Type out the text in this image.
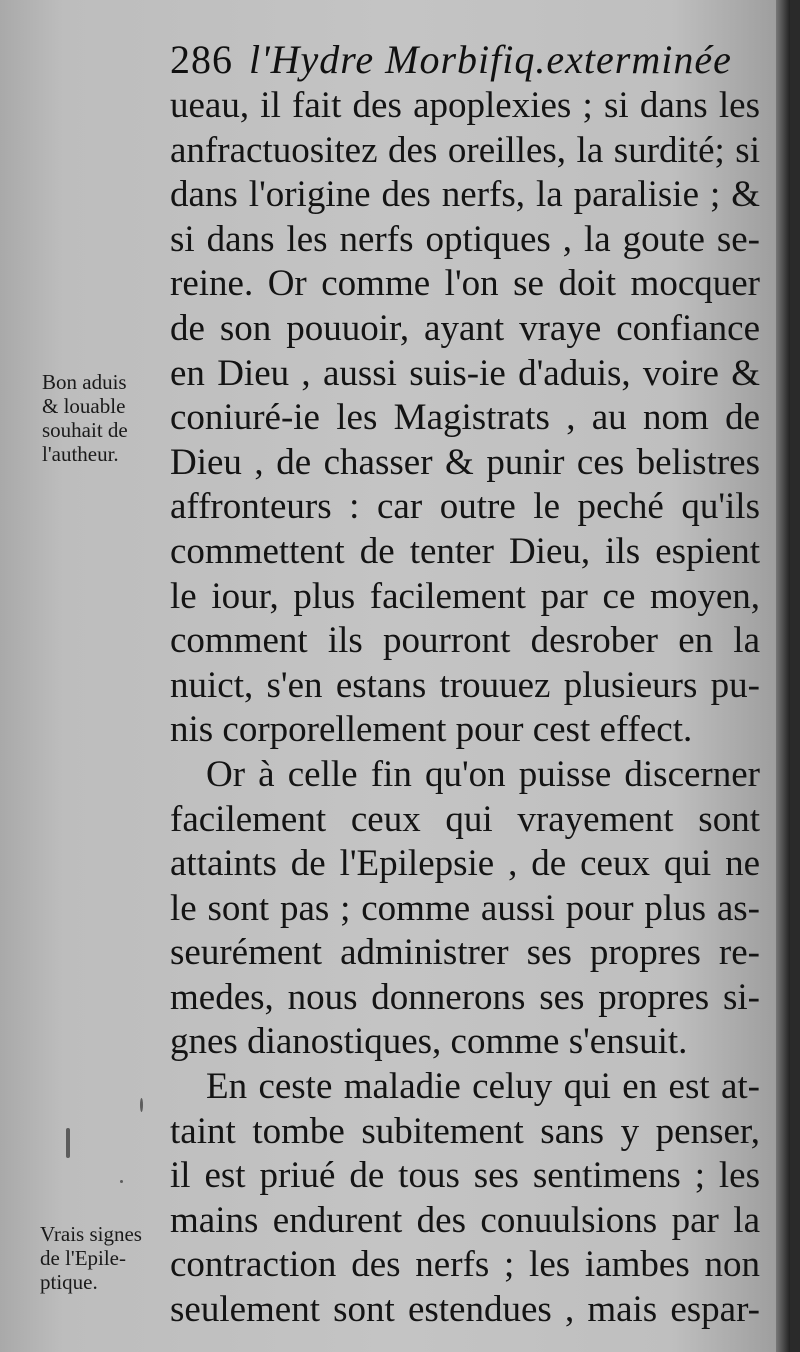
286 l'Hydre Morbifiq.exterminée
ueau, il fait des apoplexies ; si dans les
anfractuositez des oreilles, la surdité; si
dans l'origine des nerfs, la paralisie ; &
si dans les nerfs optiques , la goute se-
reine. Or comme l'on se doit mocquer
de son pouuoir, ayant vraye confiance
en Dieu , aussi suis-ie d'aduis, voire &
coniuré-ie les Magistrats , au nom de
Dieu , de chasser & punir ces belistres
affronteurs : car outre le peché qu'ils
commettent de tenter Dieu, ils espient
le iour, plus facilement par ce moyen,
comment ils pourront desrober en la
nuict, s'en estans trouuez plusieurs pu-
nis corporellement pour cest effect.
Or à celle fin qu'on puisse discerner
facilement ceux qui vrayement sont
attaints de l'Epilepsie , de ceux qui ne
le sont pas ; comme aussi pour plus as-
seurément administrer ses propres re-
medes, nous donnerons ses propres si-
gnes dianostiques, comme s'ensuit.
En ceste maladie celuy qui en est at-
taint tombe subitement sans y penser,
il est priué de tous ses sentimens ; les
mains endurent des conuulsions par la
contraction des nerfs ; les iambes non
seulement sont estendues , mais espar-
Bon aduis
& louable
souhait de
l'autheur.
Vrais signes
de l'Epile-
ptique.
